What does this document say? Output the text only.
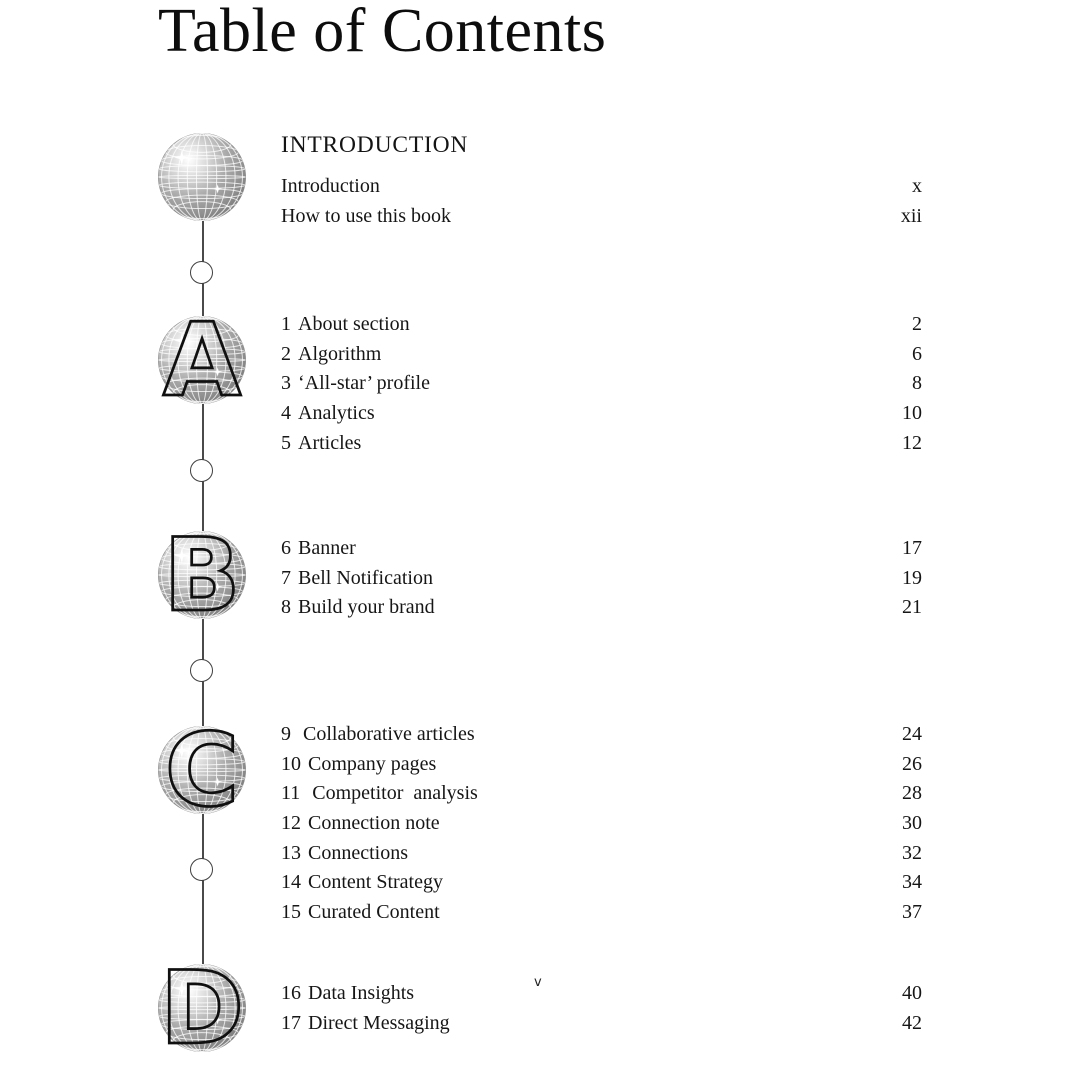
Table of Contents
A
B
C
D
INTRODUCTION
Introduction	x
How to use this book	xii
1 About section	2
2 Algorithm	6
3 ‘All-star’ profile	8
4 Analytics	10
5 Articles	12
6 Banner	17
7 Bell Notification	19
8 Build your brand	21
9 Collaborative articles	24
10 Company pages	26
11 Competitor  analysis	28
12 Connection note	30
13 Connections	32
14 Content Strategy	34
15 Curated Content	37
16 Data Insights	40
17 Direct Messaging	42
v
